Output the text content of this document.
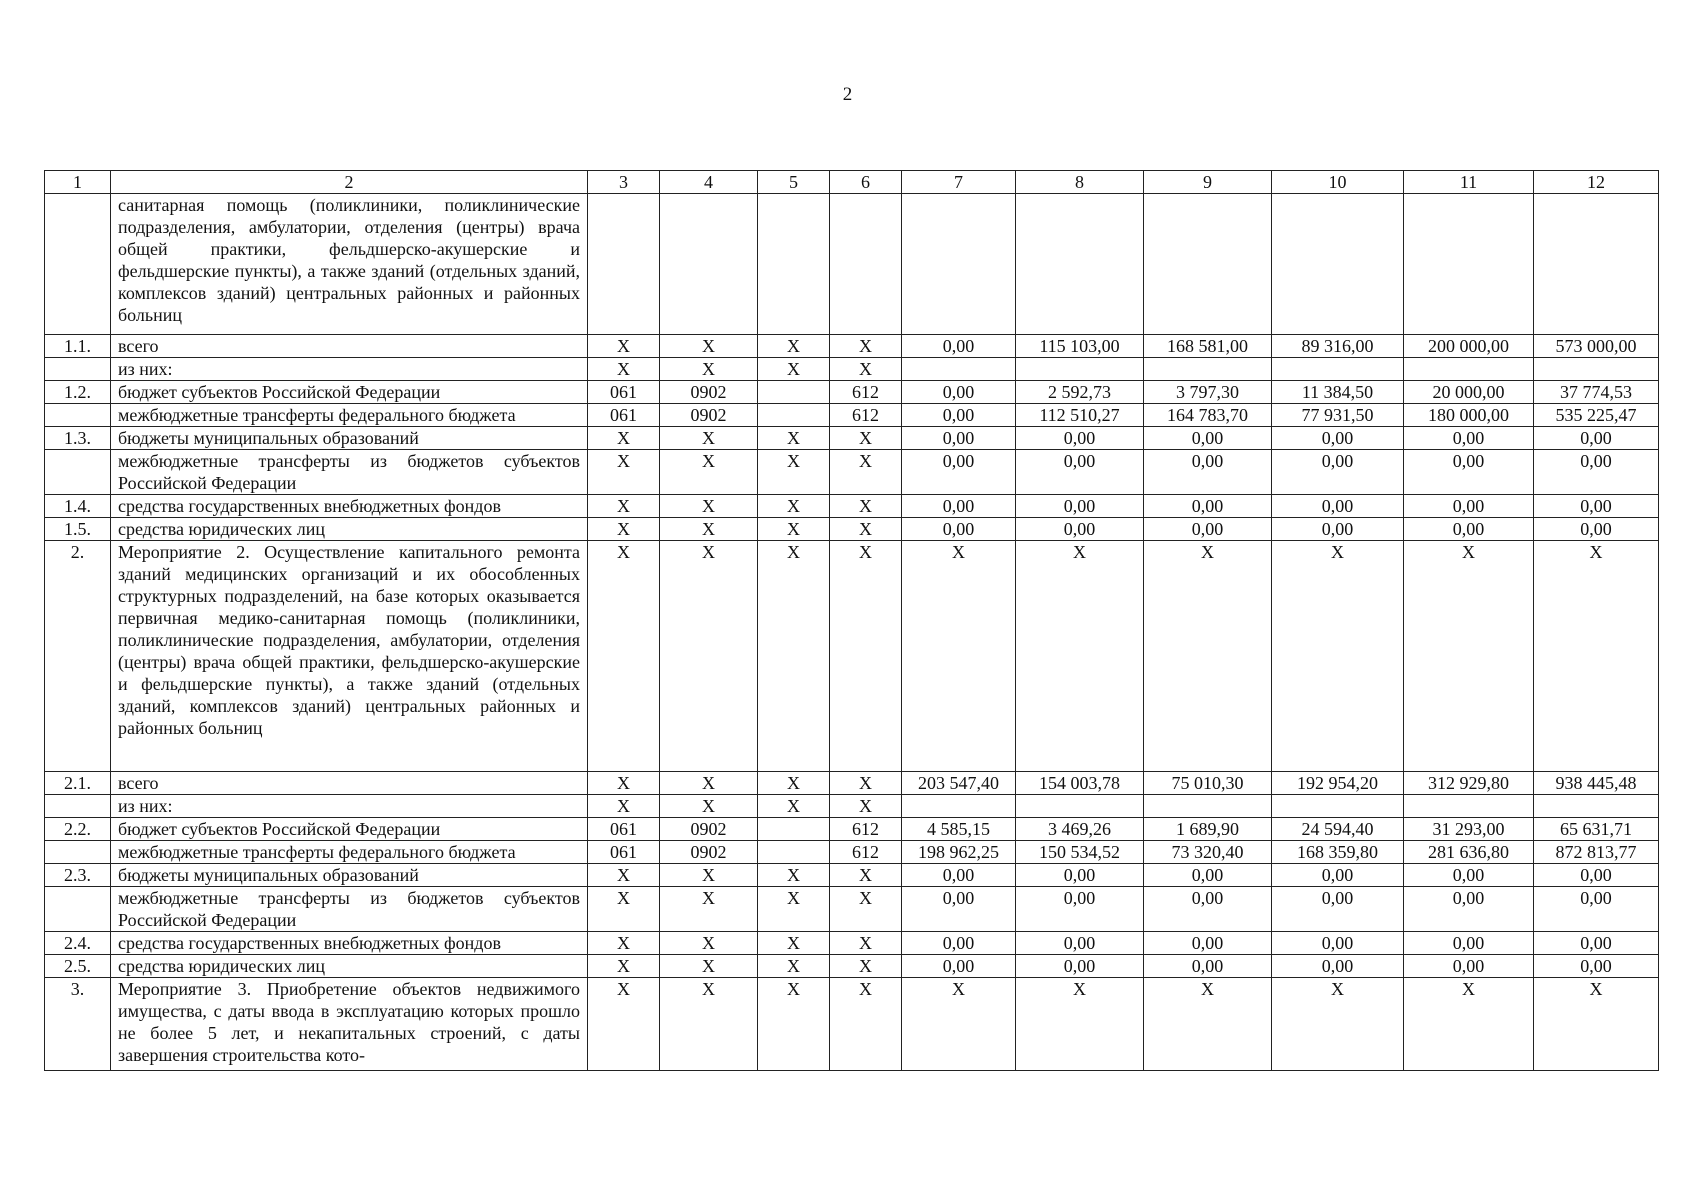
2
1	2	3	4	5	6	7	8	9	10	11	12
	санитарная помощь (поликлиники, поликлинические подразделения, амбулатории, отделения (центры) врача общей практики, фельдшерско-акушерские и фельдшерские пункты), а также зданий (отдельных зданий, комплексов зданий) центральных районных и районных больниц										
1.1.	всего	Х	Х	Х	Х	0,00	115 103,00	168 581,00	89 316,00	200 000,00	573 000,00
	из них:	Х	Х	Х	Х						
1.2.	бюджет субъектов Российской Федерации	061	0902		612	0,00	2 592,73	3 797,30	11 384,50	20 000,00	37 774,53
	межбюджетные трансферты федерального бюджета	061	0902		612	0,00	112 510,27	164 783,70	77 931,50	180 000,00	535 225,47
1.3.	бюджеты муниципальных образований	Х	Х	Х	Х	0,00	0,00	0,00	0,00	0,00	0,00
	межбюджетные трансферты из бюджетов субъектов Российской Федерации	Х	Х	Х	Х	0,00	0,00	0,00	0,00	0,00	0,00
1.4.	средства государственных внебюджетных фондов	Х	Х	Х	Х	0,00	0,00	0,00	0,00	0,00	0,00
1.5.	средства юридических лиц	Х	Х	Х	Х	0,00	0,00	0,00	0,00	0,00	0,00
2.	Мероприятие 2. Осуществление капитального ремонта зданий медицинских организаций и их обособленных структурных подразделений, на базе которых оказывается первичная медико-санитарная помощь (поликлиники, поликлинические подразделения, амбулатории, отделения (центры) врача общей практики, фельдшерско-акушерские и фельдшерские пункты), а также зданий (отдельных зданий, комплексов зданий) центральных районных и районных больниц	Х	Х	Х	Х	Х	Х	Х	Х	Х	Х
2.1.	всего	Х	Х	Х	Х	203 547,40	154 003,78	75 010,30	192 954,20	312 929,80	938 445,48
	из них:	Х	Х	Х	Х						
2.2.	бюджет субъектов Российской Федерации	061	0902		612	4 585,15	3 469,26	1 689,90	24 594,40	31 293,00	65 631,71
	межбюджетные трансферты федерального бюджета	061	0902		612	198 962,25	150 534,52	73 320,40	168 359,80	281 636,80	872 813,77
2.3.	бюджеты муниципальных образований	Х	Х	Х	Х	0,00	0,00	0,00	0,00	0,00	0,00
	межбюджетные трансферты из бюджетов субъектов Российской Федерации	Х	Х	Х	Х	0,00	0,00	0,00	0,00	0,00	0,00
2.4.	средства государственных внебюджетных фондов	Х	Х	Х	Х	0,00	0,00	0,00	0,00	0,00	0,00
2.5.	средства юридических лиц	Х	Х	Х	Х	0,00	0,00	0,00	0,00	0,00	0,00
3.	Мероприятие 3. Приобретение объектов недвижимого имущества, с даты ввода в эксплуатацию которых прошло не более 5 лет, и некапитальных строений, с даты завершения строительства кото-	Х	Х	Х	Х	Х	Х	Х	Х	Х	Х
